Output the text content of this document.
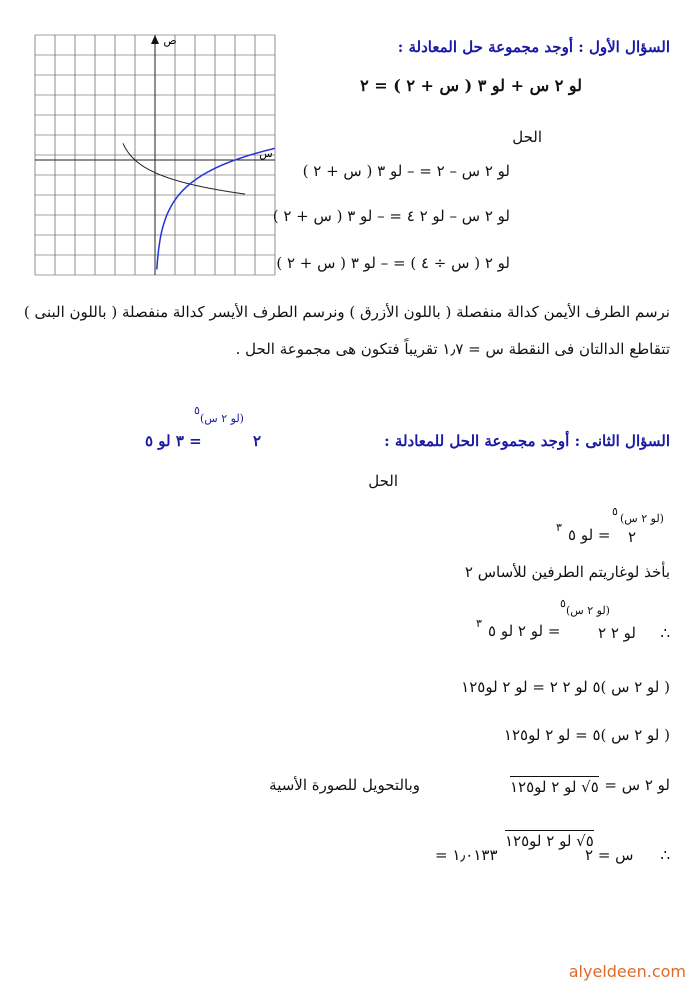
ص
س
السؤال الأول : أوجد مجموعة حل المعادلة :
لو ٢ س + لو ٣ ( س + ٢ ) = ٢
الحل
لو ٢ س – ٢ = – لو ٣ ( س + ٢ )
لو ٢ س – لو ٢ ٤ = – لو ٣ ( س + ٢ )
لو ٢ ( س ÷ ٤ ) = – لو ٣ ( س + ٢ )
نرسم الطرف الأيمن كدالة منفصلة ( باللون الأزرق ) ونرسم الطرف الأيسر كدالة منفصلة ( باللون البنى )
تتقاطع الدالتان فى النقطة س = ١٫٧ تقريباً فتكون هى مجموعة الحل .
السؤال الثانى : أوجد مجموعة الحل للمعادلة :
٢
(لو ٢ س)
٥
= ٣ لو ٥
الحل
٢
(لو ٢ س)
٥
= لو ٥
٣
بأخذ لوغاريتم الطرفين للأساس ٢
∴
لو ٢ ٢
(لو ٢ س)
٥
= لو ٢ لو ٥
٣
( لو ٢ س )٥ لو ٢ ٢ = لو ٢ لو١٢٥
( لو ٢ س )٥ = لو ٢ لو١٢٥
لو ٢ س =
٥√ لو ٢ لو١٢٥
وبالتحويل للصورة الأسية
∴
س = ٢
٥√ لو ٢ لو١٢٥
= ١٫٠١٣٣
alyeldeen.com
